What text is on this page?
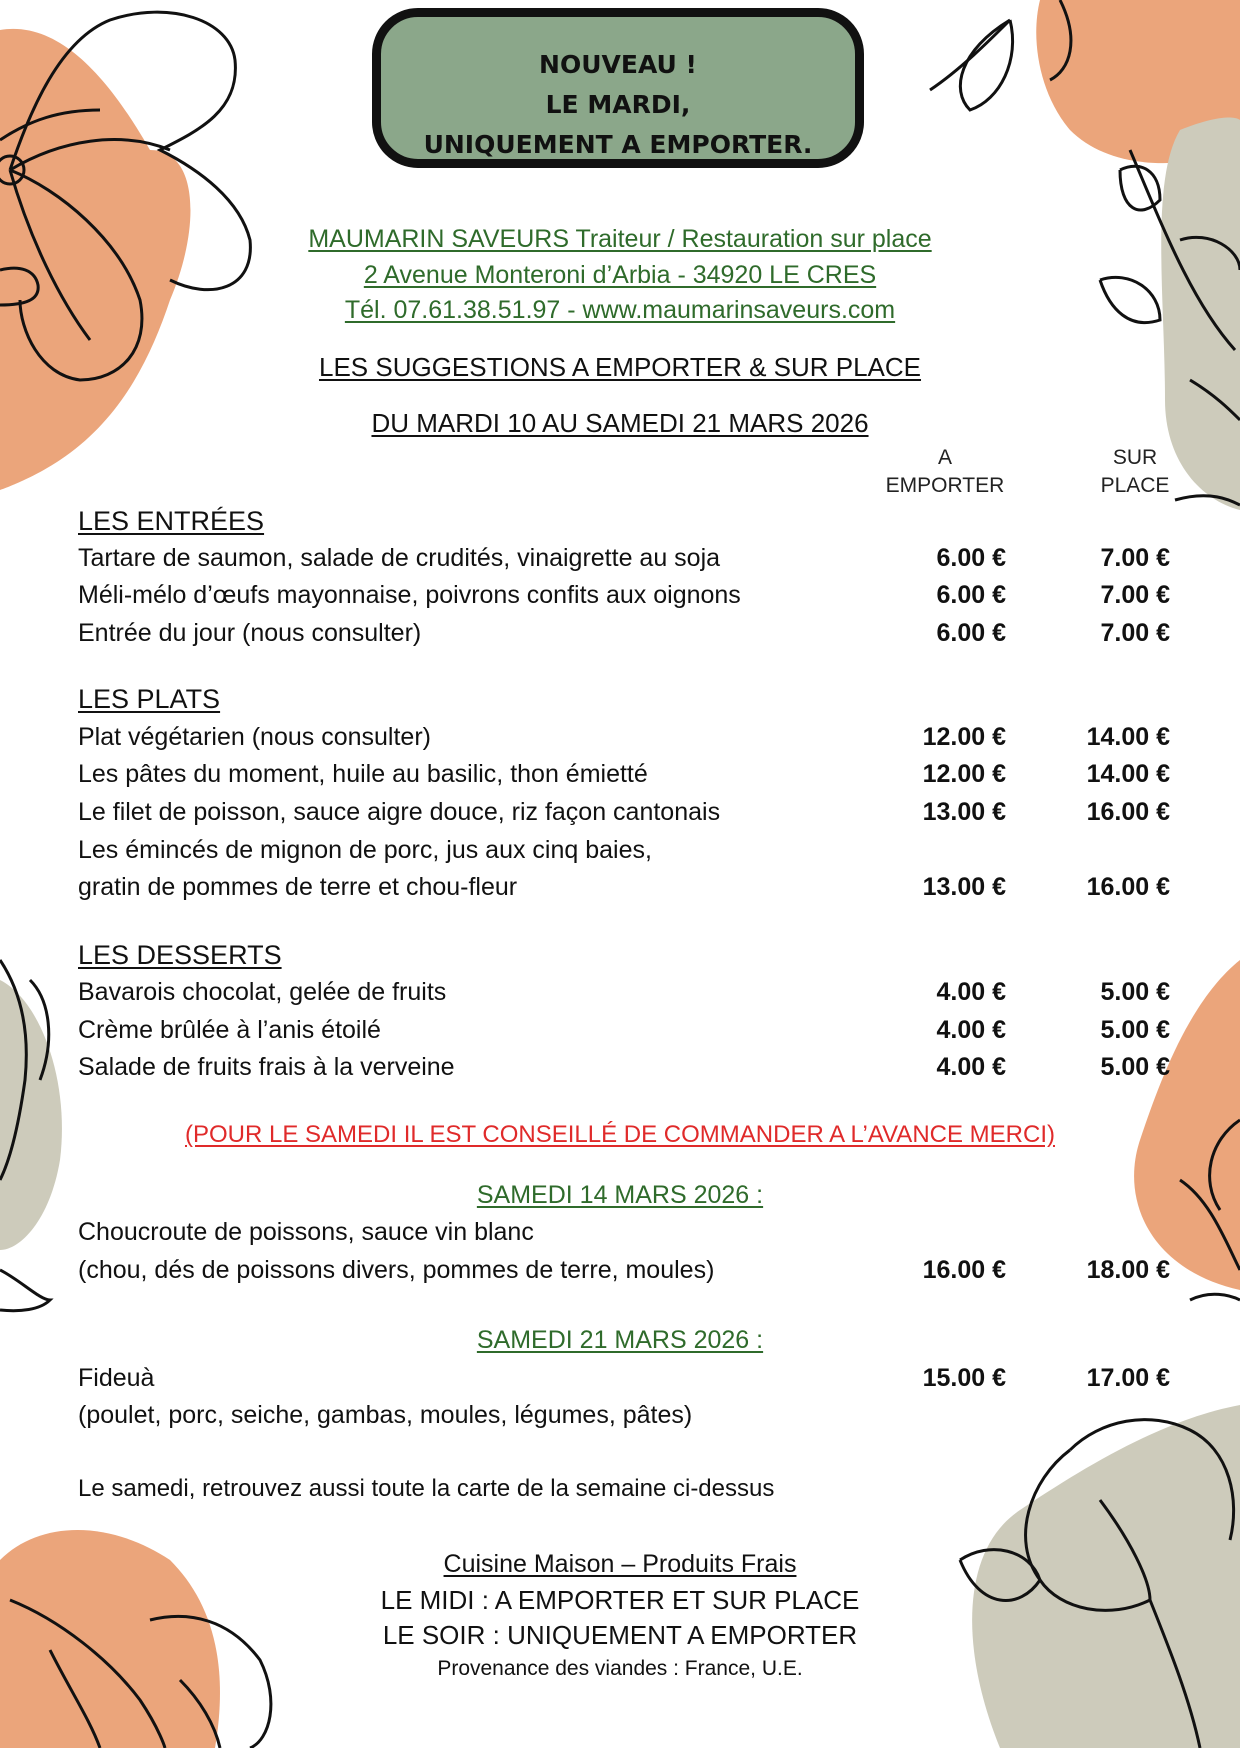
NOUVEAU !
LE MARDI,
UNIQUEMENT A EMPORTER.
MAUMARIN SAVEURS Traiteur / Restauration sur place
2 Avenue Monteroni d’Arbia - 34920 LE CRES
Tél. 07.61.38.51.97 - www.maumarinsaveurs.com
LES SUGGESTIONS A EMPORTER & SUR PLACE
DU MARDI 10 AU SAMEDI 21 MARS 2026
A
EMPORTER
SUR
PLACE
LES ENTRÉES
Tartare de saumon, salade de crudités, vinaigrette au soja	6.00 €	7.00 €
Méli-mélo d’œufs mayonnaise, poivrons confits aux oignons	6.00 €	7.00 €
Entrée du jour (nous consulter)	6.00 €	7.00 €
LES PLATS
Plat végétarien (nous consulter)	12.00 €	14.00 €
Les pâtes du moment, huile au basilic, thon émietté	12.00 €	14.00 €
Le filet de poisson, sauce aigre douce, riz façon cantonais	13.00 €	16.00 €
Les émincés de mignon de porc, jus aux cinq baies,
gratin de pommes de terre et chou-fleur	13.00 €	16.00 €
LES DESSERTS
Bavarois chocolat, gelée de fruits	4.00 €	5.00 €
Crème brûlée à l’anis étoilé	4.00 €	5.00 €
Salade de fruits frais à la verveine	4.00 €	5.00 €
(POUR LE SAMEDI IL EST CONSEILLÉ DE COMMANDER A L’AVANCE MERCI)
SAMEDI 14 MARS 2026 :
Choucroute de poissons, sauce vin blanc
(chou, dés de poissons divers, pommes de terre, moules)	16.00 €	18.00 €
SAMEDI 21 MARS 2026 :
Fideuà	15.00 €	17.00 €
(poulet, porc, seiche, gambas, moules, légumes, pâtes)
Le samedi, retrouvez aussi toute la carte de la semaine ci-dessus
Cuisine Maison – Produits Frais
LE MIDI : A EMPORTER ET SUR PLACE
LE SOIR : UNIQUEMENT A EMPORTER
Provenance des viandes : France, U.E.
